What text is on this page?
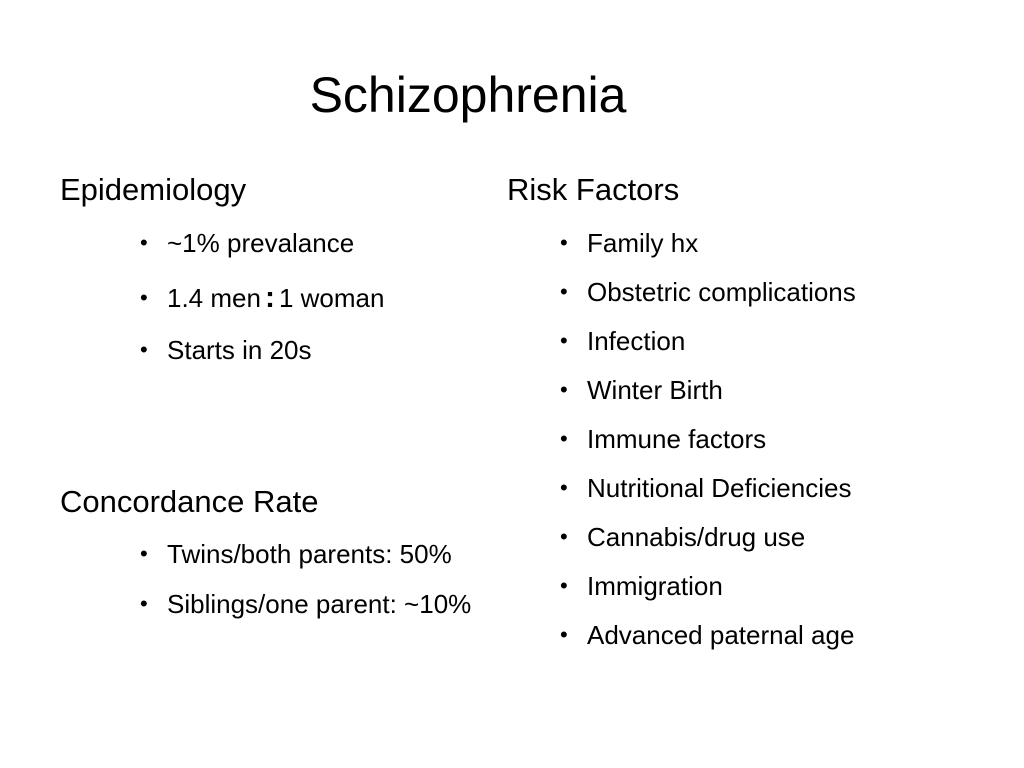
Schizophrenia
Epidemiology
• ~1% prevalance
• 1.4 men : 1 woman
• Starts in 20s
Concordance Rate
• Twins/both parents: 50%
• Siblings/one parent: ~10%
Risk Factors
• Family hx
• Obstetric complications
• Infection
• Winter Birth
• Immune factors
• Nutritional Deficiencies
• Cannabis/drug use
• Immigration
• Advanced paternal age
